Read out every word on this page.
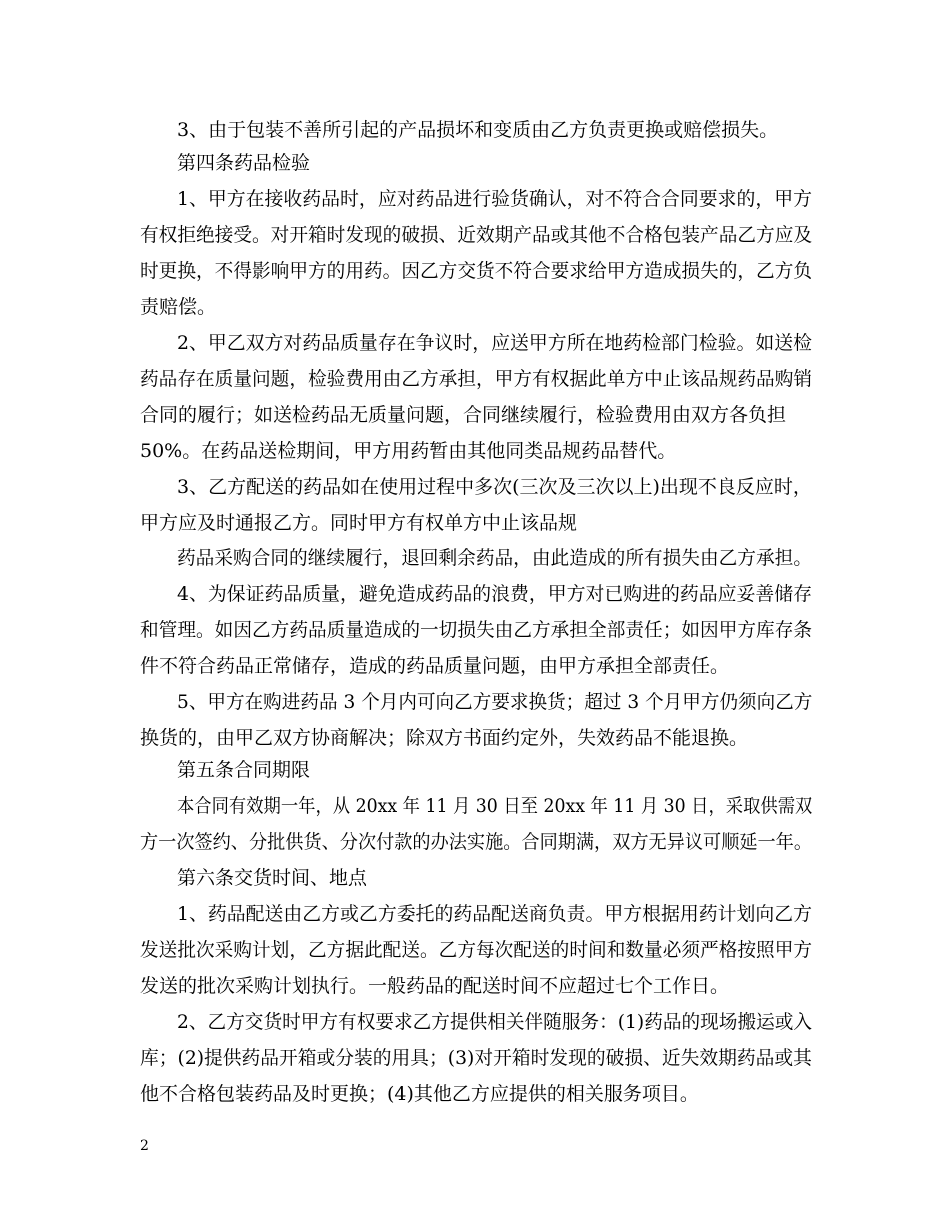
3、由于包装不善所引起的产品损坏和变质由乙方负责更换或赔偿损失。
第四条药品检验
1、甲方在接收药品时，应对药品进行验货确认，对不符合合同要求的，甲方
有权拒绝接受。对开箱时发现的破损、近效期产品或其他不合格包装产品乙方应及
时更换，不得影响甲方的用药。因乙方交货不符合要求给甲方造成损失的，乙方负
责赔偿。
2、甲乙双方对药品质量存在争议时，应送甲方所在地药检部门检验。如送检
药品存在质量问题，检验费用由乙方承担，甲方有权据此单方中止该品规药品购销
合同的履行；如送检药品无质量问题，合同继续履行，检验费用由双方各负担
50%。在药品送检期间，甲方用药暂由其他同类品规药品替代。
3、乙方配送的药品如在使用过程中多次(三次及三次以上)出现不良反应时，
甲方应及时通报乙方。同时甲方有权单方中止该品规
药品采购合同的继续履行，退回剩余药品，由此造成的所有损失由乙方承担。
4、为保证药品质量，避免造成药品的浪费，甲方对已购进的药品应妥善储存
和管理。如因乙方药品质量造成的一切损失由乙方承担全部责任；如因甲方库存条
件不符合药品正常储存，造成的药品质量问题，由甲方承担全部责任。
5、甲方在购进药品 3 个月内可向乙方要求换货；超过 3 个月甲方仍须向乙方
换货的，由甲乙双方协商解决；除双方书面约定外，失效药品不能退换。
第五条合同期限
本合同有效期一年，从 20xx 年 11 月 30 日至 20xx 年 11 月 30 日，采取供需双
方一次签约、分批供货、分次付款的办法实施。合同期满，双方无异议可顺延一年。
第六条交货时间、地点
1、药品配送由乙方或乙方委托的药品配送商负责。甲方根据用药计划向乙方
发送批次采购计划，乙方据此配送。乙方每次配送的时间和数量必须严格按照甲方
发送的批次采购计划执行。一般药品的配送时间不应超过七个工作日。
2、乙方交货时甲方有权要求乙方提供相关伴随服务：(1)药品的现场搬运或入
库；(2)提供药品开箱或分装的用具；(3)对开箱时发现的破损、近失效期药品或其
他不合格包装药品及时更换；(4)其他乙方应提供的相关服务项目。
2
